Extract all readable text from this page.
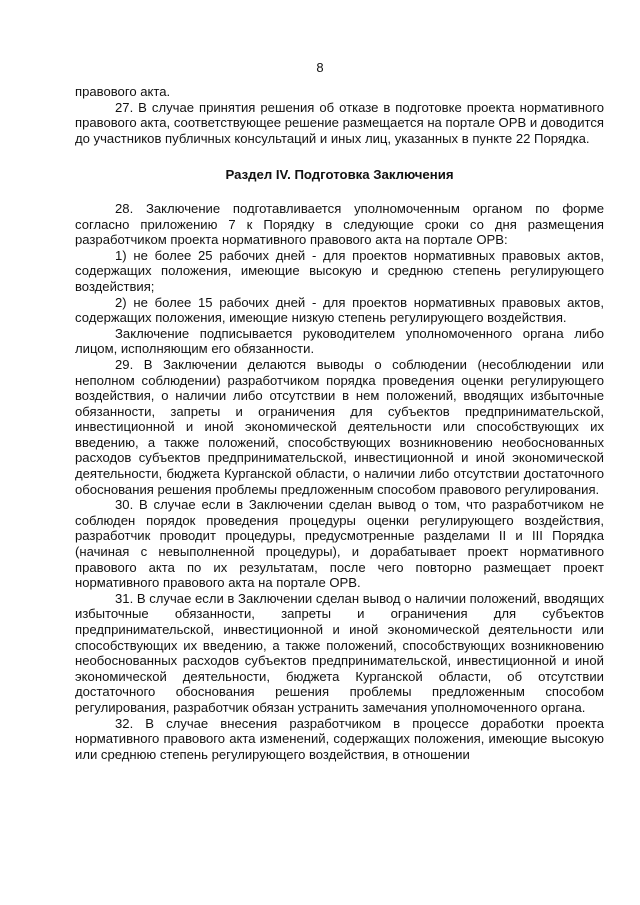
8

правового акта.

27. В случае принятия решения об отказе в подготовке проекта нормативного правового акта, соответствующее решение размещается на портале ОРВ и доводится до участников публичных консультаций и иных лиц, указанных в пункте 22 Порядка.

Раздел IV. Подготовка Заключения

28. Заключение подготавливается уполномоченным органом по форме согласно приложению 7 к Порядку в следующие сроки со дня размещения разработчиком проекта нормативного правового акта на портале ОРВ:

1) не более 25 рабочих дней - для проектов нормативных правовых актов, содержащих положения, имеющие высокую и среднюю степень регулирующего воздействия;

2) не более 15 рабочих дней - для проектов нормативных правовых актов, содержащих положения, имеющие низкую степень регулирующего воздействия.

Заключение подписывается руководителем уполномоченного органа либо лицом, исполняющим его обязанности.

29. В Заключении делаются выводы о соблюдении (несоблюдении или неполном соблюдении) разработчиком порядка проведения оценки регулирующего воздействия, о наличии либо отсутствии в нем положений, вводящих избыточные обязанности, запреты и ограничения для субъектов предпринимательской, инвестиционной и иной экономической деятельности или способствующих их введению, а также положений, способствующих возникновению необоснованных расходов субъектов предпринимательской, инвестиционной и иной экономической деятельности, бюджета Курганской области, о наличии либо отсутствии достаточного обоснования решения проблемы предложенным способом правового регулирования.

30. В случае если в Заключении сделан вывод о том, что разработчиком не соблюден порядок проведения процедуры оценки регулирующего воздействия, разработчик проводит процедуры, предусмотренные разделами II и III Порядка (начиная с невыполненной процедуры), и дорабатывает проект нормативного правового акта по их результатам, после чего повторно размещает проект нормативного правового акта на портале ОРВ.

31. В случае если в Заключении сделан вывод о наличии положений, вводящих избыточные обязанности, запреты и ограничения для субъектов предпринимательской, инвестиционной и иной экономической деятельности или способствующих их введению, а также положений, способствующих возникновению необоснованных расходов субъектов предпринимательской, инвестиционной и иной экономической деятельности, бюджета Курганской области, об отсутствии достаточного обоснования решения проблемы предложенным способом регулирования, разработчик обязан устранить замечания уполномоченного органа.

32. В случае внесения разработчиком в процессе доработки проекта нормативного правового акта изменений, содержащих положения, имеющие высокую или среднюю степень регулирующего воздействия, в отношении
